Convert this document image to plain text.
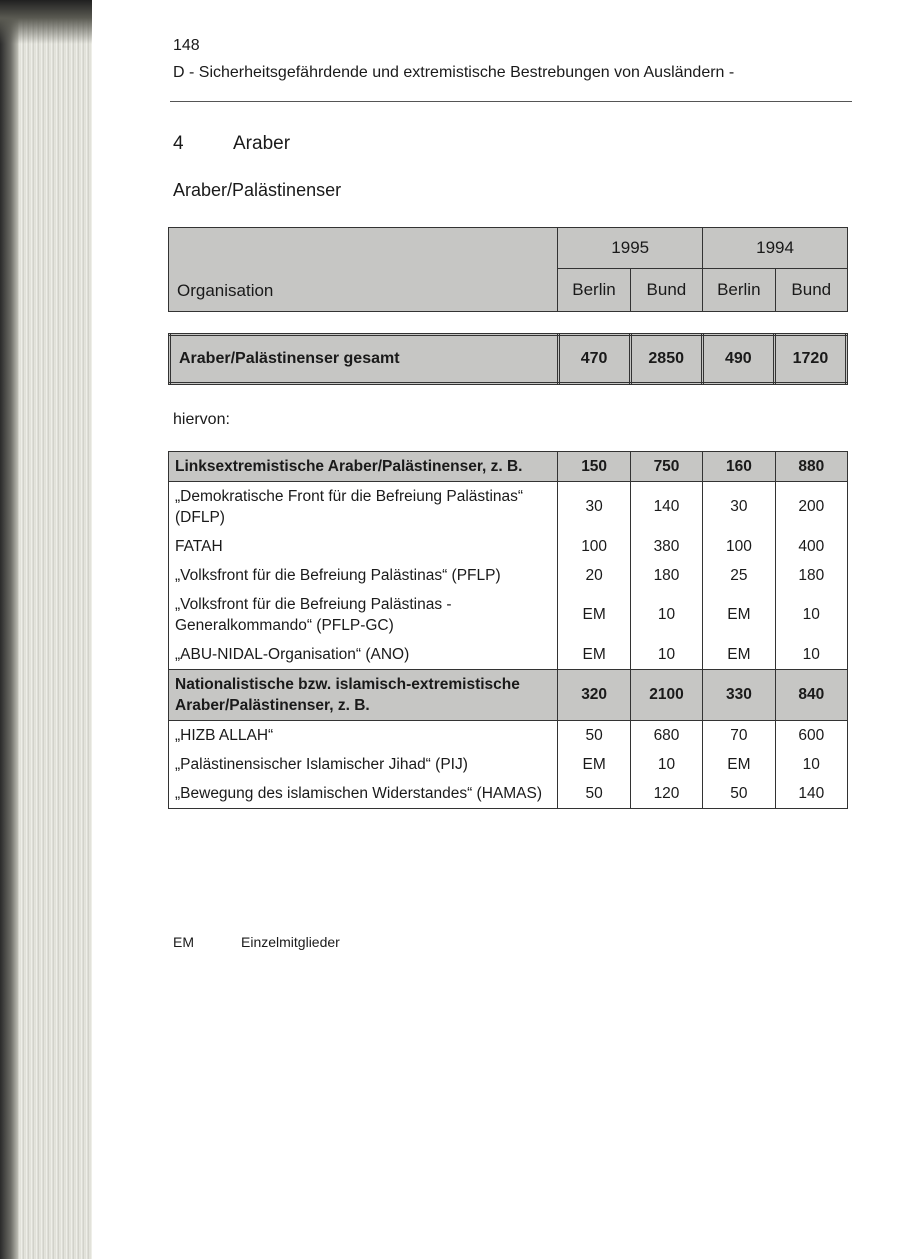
148
D - Sicherheitsgefährdende und extremistische Bestrebungen von Ausländern -
4	Araber
Araber/Palästinenser
Organisation	1995		1994	
	Berlin	Bund	Berlin	Bund
Araber/Palästinenser gesamt	470	2850	490	1720
hiervon:
Linksextremistische Araber/Palästinenser, z. B.	150	750	160	880
„Demokratische Front für die Befreiung Palästinas“ (DFLP)	30	140	30	200
FATAH	100	380	100	400
„Volksfront für die Befreiung Palästinas“ (PFLP)	20	180	25	180
„Volksfront für die Befreiung Palästinas - Generalkommando“ (PFLP-GC)	EM	10	EM	10
„ABU-NIDAL-Organisation“ (ANO)	EM	10	EM	10
Nationalistische bzw. islamisch-extremistische Araber/Palästinenser, z. B.	320	2100	330	840
„HIZB ALLAH“	50	680	70	600
„Palästinensischer Islamischer Jihad“ (PIJ)	EM	10	EM	10
„Bewegung des islamischen Widerstandes“ (HAMAS)	50	120	50	140
EM	Einzelmitglieder
